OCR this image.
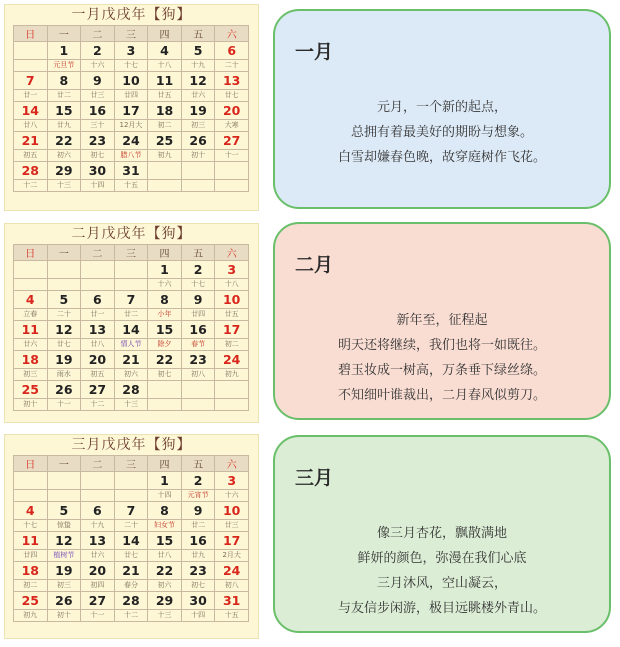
一月戊戌年【狗】
日	一	二	三	四	五	六
	1	2	3	4	5	6
	元旦节	十六	十七	十八	十九	二十
7	8	9	10	11	12	13
廿一	廿二	廿三	廿四	廿五	廿六	廿七
14	15	16	17	18	19	20
廿八	廿九	三十	12月大	初二	初三	大寒
21	22	23	24	25	26	27
初五	初六	初七	腊八节	初九	初十	十一
28	29	30	31			
十二	十三	十四	十五			
二月戊戌年【狗】
日	一	二	三	四	五	六
				1	2	3
				十六	十七	十八
4	5	6	7	8	9	10
立春	二十	廿一	廿二	小年	廿四	廿五
11	12	13	14	15	16	17
廿六	廿七	廿八	情人节	除夕	春节	初二
18	19	20	21	22	23	24
初三	雨水	初五	初六	初七	初八	初九
25	26	27	28			
初十	十一	十二	十三			
三月戊戌年【狗】
日	一	二	三	四	五	六
				1	2	3
				十四	元宵节	十六
4	5	6	7	8	9	10
十七	惊蛰	十九	二十	妇女节	廿二	廿三
11	12	13	14	15	16	17
廿四	植树节	廿六	廿七	廿八	廿九	2月大
18	19	20	21	22	23	24
初二	初三	初四	春分	初六	初七	初八
25	26	27	28	29	30	31
初九	初十	十一	十二	十三	十四	十五
一月
元月，一个新的起点，
总拥有着最美好的期盼与想象。
白雪却嫌春色晚，故穿庭树作飞花。
二月
新年至，征程起
明天还将继续，我们也将一如既往。
碧玉妆成一树高，万条垂下绿丝绦。
不知细叶谁裁出，二月春风似剪刀。
三月
像三月杏花，飘散满地
鲜妍的颜色，弥漫在我们心底
三月沐风，空山凝云，
与友信步闲游，极目远眺楼外青山。
